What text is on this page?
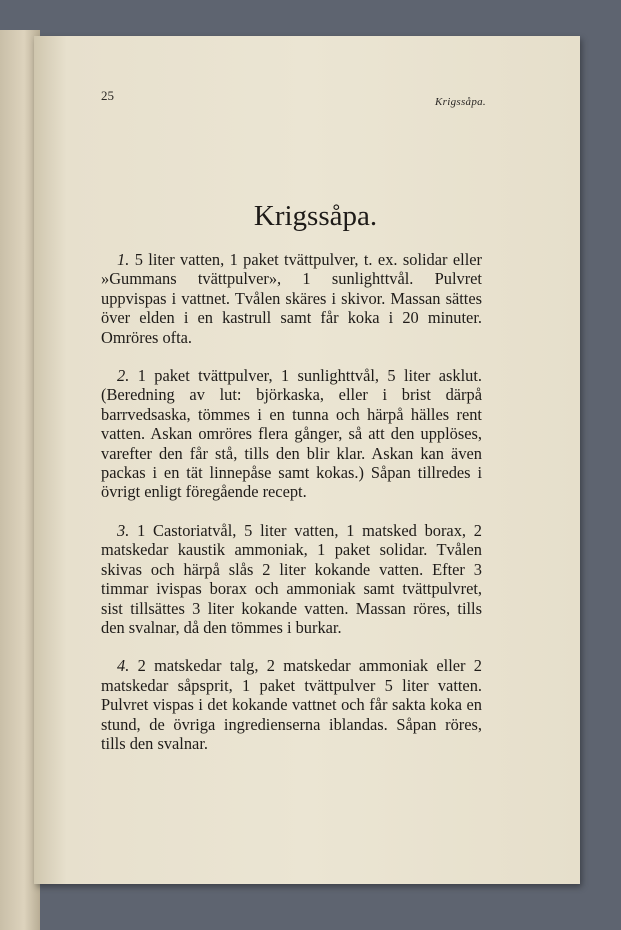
25	Krigssåpa.
Krigssåpa.

1. 5 liter vatten, 1 paket tvättpulver, t. ex. solidar eller »Gummans tvättpulver», 1 sunlighttvål. Pulvret uppvispas i vattnet. Tvålen skäres i skivor. Massan sättes över elden i en kastrull samt får koka i 20 minuter. Omröres ofta.

2. 1 paket tvättpulver, 1 sunlighttvål, 5 liter asklut. (Beredning av lut: björkaska, eller i brist därpå barrvedsaska, tömmes i en tunna och härpå hälles rent vatten. Askan omröres flera gånger, så att den upplöses, varefter den får stå, tills den blir klar. Askan kan även packas i en tät linnepåse samt kokas.) Såpan tillredes i övrigt enligt föregående recept.

3. 1 Castoriatvål, 5 liter vatten, 1 matsked borax, 2 matskedar kaustik ammoniak, 1 paket solidar. Tvålen skivas och härpå slås 2 liter kokande vatten. Efter 3 timmar ivispas borax och ammoniak samt tvättpulvret, sist tillsättes 3 liter kokande vatten. Massan röres, tills den svalnar, då den tömmes i burkar.

4. 2 matskedar talg, 2 matskedar ammoniak eller 2 matskedar såpsprit, 1 paket tvättpulver 5 liter vatten. Pulvret vispas i det kokande vattnet och får sakta koka en stund, de övriga ingredienserna iblandas. Såpan röres, tills den svalnar.
